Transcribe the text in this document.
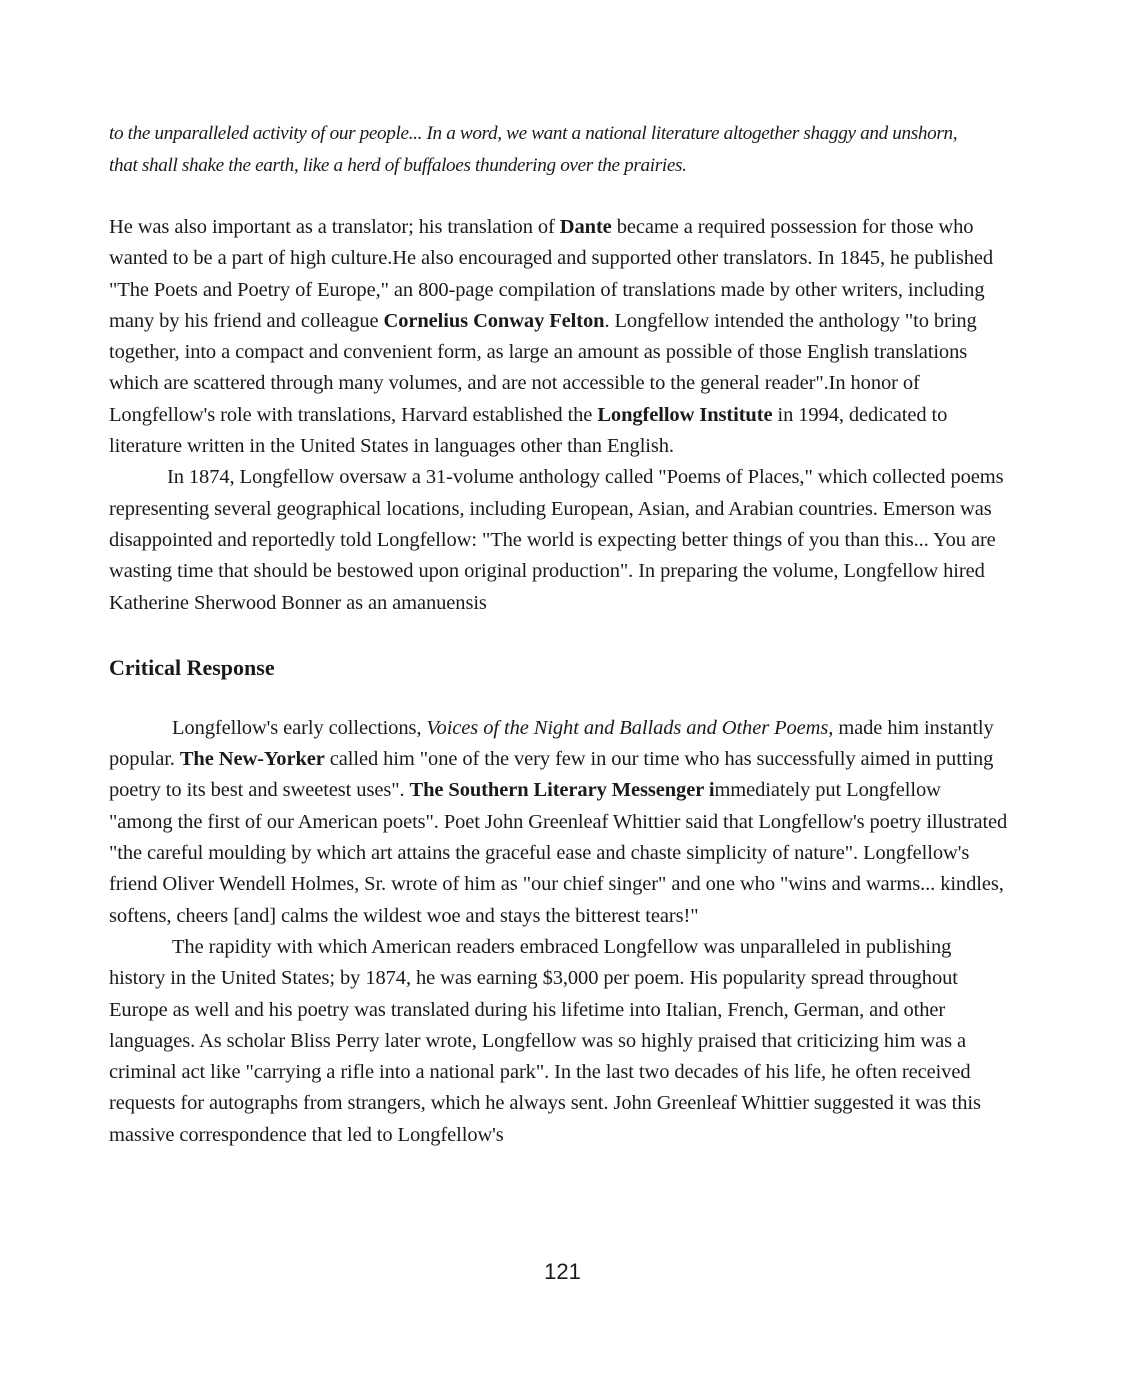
to the unparalleled activity of our people... In a word, we want a national literature altogether shaggy and unshorn,

that shall shake the earth, like a herd of buffaloes thundering over the prairies.

He was also important as a translator; his translation of Dante became a required possession for those who wanted to be a part of high culture.He also encouraged and supported other translators. In 1845, he published "The Poets and Poetry of Europe," an 800-page compilation of translations made by other writers, including many by his friend and colleague Cornelius Conway Felton. Longfellow intended the anthology "to bring together, into a compact and convenient form, as large an amount as possible of those English translations which are scattered through many volumes, and are not accessible to the general reader".In honor of Longfellow's role with translations, Harvard established the Longfellow Institute in 1994, dedicated to literature written in the United States in languages other than English.

In 1874, Longfellow oversaw a 31-volume anthology called "Poems of Places," which collected poems representing several geographical locations, including European, Asian, and Arabian countries. Emerson was disappointed and reportedly told Longfellow: "The world is expecting better things of you than this... You are wasting time that should be bestowed upon original production". In preparing the volume, Longfellow hired Katherine Sherwood Bonner as an amanuensis

Critical Response

Longfellow's early collections, Voices of the Night and Ballads and Other Poems, made him instantly popular. The New-Yorker called him "one of the very few in our time who has successfully aimed in putting poetry to its best and sweetest uses". The Southern Literary Messenger immediately put Longfellow "among the first of our American poets". Poet John Greenleaf Whittier said that Longfellow's poetry illustrated "the careful moulding by which art attains the graceful ease and chaste simplicity of nature". Longfellow's friend Oliver Wendell Holmes, Sr. wrote of him as "our chief singer" and one who "wins and warms... kindles, softens, cheers [and] calms the wildest woe and stays the bitterest tears!"

The rapidity with which American readers embraced Longfellow was unparalleled in publishing history in the United States; by 1874, he was earning $3,000 per poem. His popularity spread throughout Europe as well and his poetry was translated during his lifetime into Italian, French, German, and other languages. As scholar Bliss Perry later wrote, Longfellow was so highly praised that criticizing him was a criminal act like "carrying a rifle into a national park". In the last two decades of his life, he often received requests for autographs from strangers, which he always sent. John Greenleaf Whittier suggested it was this massive correspondence that led to Longfellow's

121
